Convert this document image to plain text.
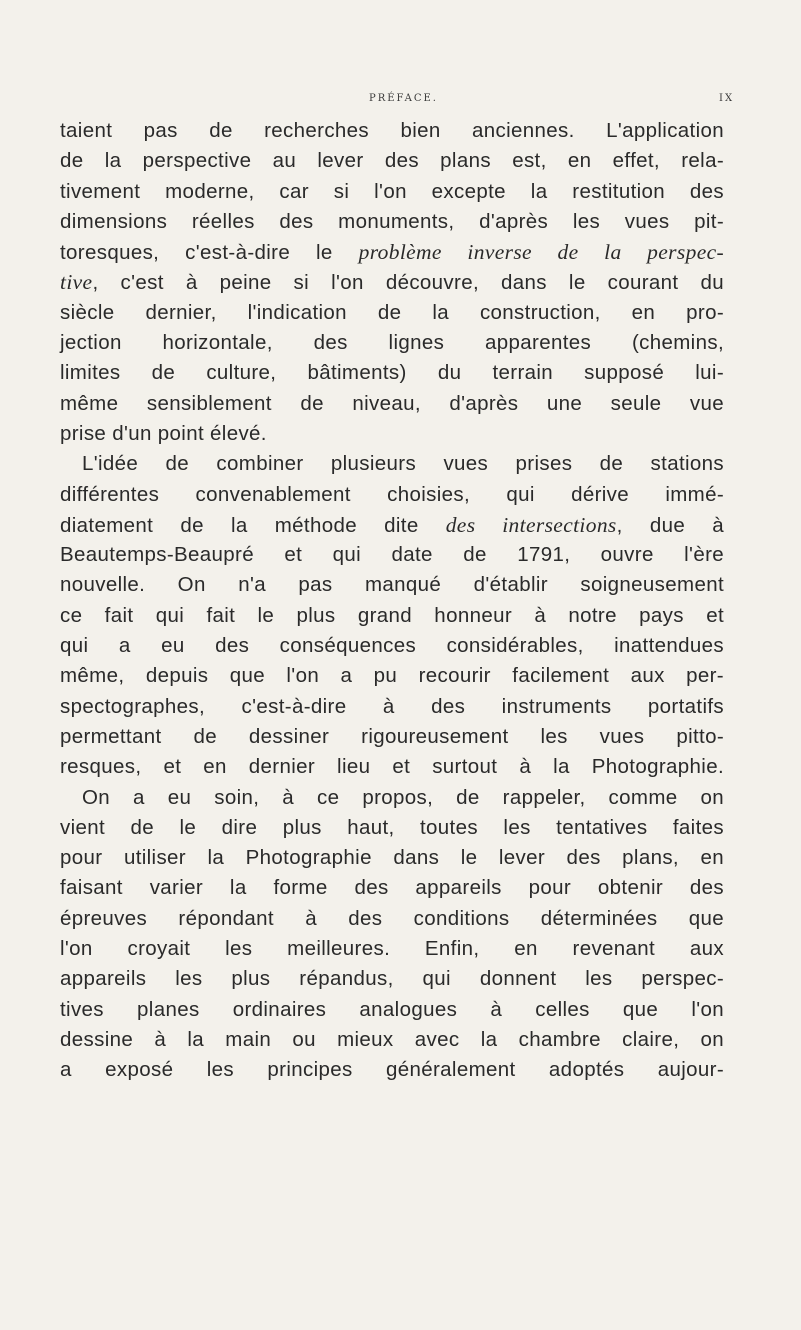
PRÉFACE.	IX
taient pas de recherches bien anciennes. L'application
de la perspective au lever des plans est, en effet, rela-
tivement moderne, car si l'on excepte la restitution des
dimensions réelles des monuments, d'après les vues pit-
toresques, c'est-à-dire le problème inverse de la perspec-
tive, c'est à peine si l'on découvre, dans le courant du
siècle dernier, l'indication de la construction, en pro-
jection horizontale, des lignes apparentes (chemins,
limites de culture, bâtiments) du terrain supposé lui-
même sensiblement de niveau, d'après une seule vue
prise d'un point élevé.
L'idée de combiner plusieurs vues prises de stations
différentes convenablement choisies, qui dérive immé-
diatement de la méthode dite des intersections, due à
Beautemps-Beaupré et qui date de 1791, ouvre l'ère
nouvelle. On n'a pas manqué d'établir soigneusement
ce fait qui fait le plus grand honneur à notre pays et
qui a eu des conséquences considérables, inattendues
même, depuis que l'on a pu recourir facilement aux per-
spectographes, c'est-à-dire à des instruments portatifs
permettant de dessiner rigoureusement les vues pitto-
resques, et en dernier lieu et surtout à la Photographie.
On a eu soin, à ce propos, de rappeler, comme on
vient de le dire plus haut, toutes les tentatives faites
pour utiliser la Photographie dans le lever des plans, en
faisant varier la forme des appareils pour obtenir des
épreuves répondant à des conditions déterminées que
l'on croyait les meilleures. Enfin, en revenant aux
appareils les plus répandus, qui donnent les perspec-
tives planes ordinaires analogues à celles que l'on
dessine à la main ou mieux avec la chambre claire, on
a exposé les principes généralement adoptés aujour-
